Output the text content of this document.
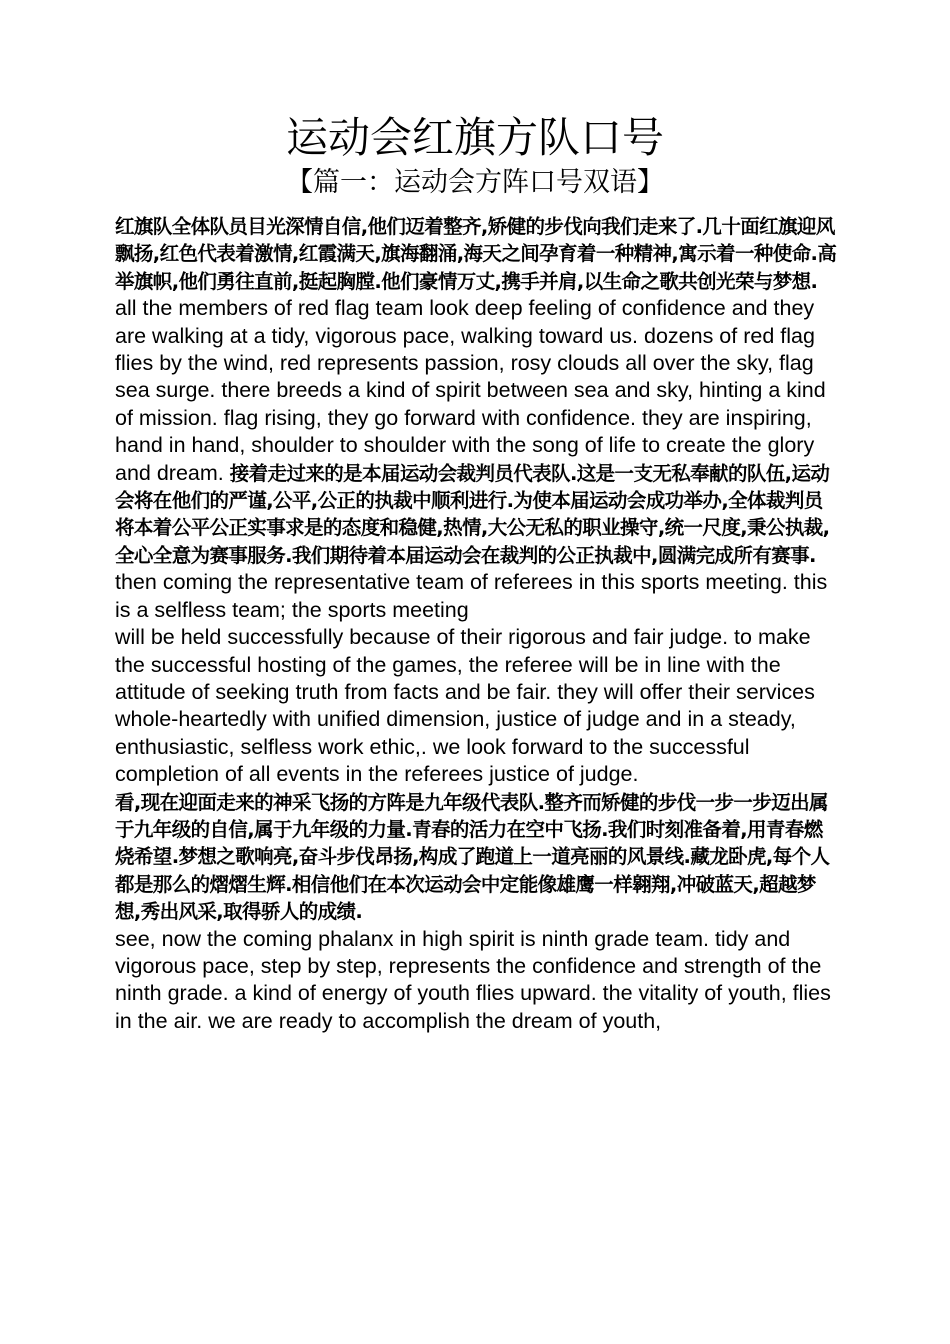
运动会红旗方队口号
【篇一：运动会方阵口号双语】

红旗队全体队员目光深情自信,他们迈着整齐,矫健的步伐向我们走来了.几十面红旗迎风飘扬,红色代表着激情,红霞满天,旗海翻涌,海天之间孕育着一种精神,寓示着一种使命.高举旗帜,他们勇往直前,挺起胸膛.他们豪情万丈,携手并肩,以生命之歌共创光荣与梦想.

all the members of red flag team look deep feeling of confidence and they are walking at a tidy, vigorous pace, walking toward us. dozens of red flag flies by the wind, red represents passion, rosy clouds all over the sky, flag sea surge. there breeds a kind of spirit between sea and sky, hinting a kind of mission. flag rising, they go forward with confidence. they are inspiring, hand in hand, shoulder to shoulder with the song of life to create the glory and dream. 接着走过来的是本届运动会裁判员代表队.这是一支无私奉献的队伍,运动会将在他们的严谨,公平,公正的执裁中顺利进行.为使本届运动会成功举办,全体裁判员将本着公平公正实事求是的态度和稳健,热情,大公无私的职业操守,统一尺度,秉公执裁,全心全意为赛事服务.我们期待着本届运动会在裁判的公正执裁中,圆满完成所有赛事.

then coming the representative team of referees in this sports meeting. this is a selfless team; the sports meeting

will be held successfully because of their rigorous and fair judge. to make the successful hosting of the games, the referee will be in line with the attitude of seeking truth from facts and be fair. they will offer their services whole-heartedly with unified dimension, justice of judge and in a steady, enthusiastic, selfless work ethic,. we look forward to the successful completion of all events in the referees justice of judge.

看,现在迎面走来的神采飞扬的方阵是九年级代表队.整齐而矫健的步伐一步一步迈出属于九年级的自信,属于九年级的力量.青春的活力在空中飞扬.我们时刻准备着,用青春燃烧希望.梦想之歌响亮,奋斗步伐昂扬,构成了跑道上一道亮丽的风景线.藏龙卧虎,每个人都是那么的熠熠生辉.相信他们在本次运动会中定能像雄鹰一样翱翔,冲破蓝天,超越梦想,秀出风采,取得骄人的成绩.

see, now the coming phalanx in high spirit is ninth grade team. tidy and vigorous pace, step by step, represents the confidence and strength of the ninth grade. a kind of energy of youth flies upward. the vitality of youth, flies in the air. we are ready to accomplish the dream of youth,
